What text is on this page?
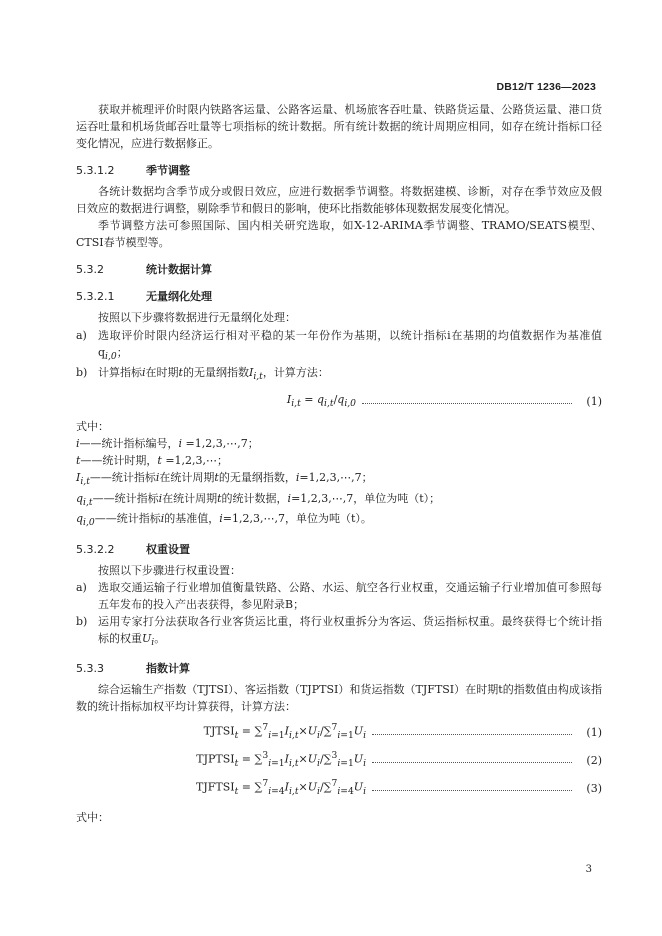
DB12/T 1236—2023

获取并梳理评价时限内铁路客运量、公路客运量、机场旅客吞吐量、铁路货运量、公路货运量、港口货运吞吐量和机场货邮吞吐量等七项指标的统计数据。所有统计数据的统计周期应相同，如存在统计指标口径变化情况，应进行数据修正。

5.3.1.2	季节调整

各统计数据均含季节成分或假日效应，应进行数据季节调整。将数据建模、诊断，对存在季节效应及假日效应的数据进行调整，剔除季节和假日的影响，使环比指数能够体现数据发展变化情况。

季节调整方法可参照国际、国内相关研究选取，如X-12-ARIMA季节调整、TRAMO/SEATS模型、CTSI春节模型等。

5.3.2	统计数据计算
5.3.2.1	无量纲化处理

按照以下步骤将数据进行无量纲化处理：

a)	选取评价时限内经济运行相对平稳的某一年份作为基期，以统计指标i在基期的均值数据作为基准值$q_{i,0}$；
b) 计算指标i在时期t的无量纲指数$I_{i,t}$，计算方法：
$I_{i,t} = q_{i,t}/q_{i,0}$	(1)

式中：

i——统计指标编号，i =1,2,3,⋯,7；

t——统计时期，t =1,2,3,⋯；

$I_{i,t}——$统计指标i在统计周期t的无量纲指数，i=1,2,3,⋯,7；

$q_{i,t}——$统计指标i在统计周期t的统计数据，i=1,2,3,⋯,7，单位为吨（t）；

$q_{i,0}——$统计指标i的基准值，i=1,2,3,⋯,7，单位为吨（t）。

5.3.2.2	权重设置

按照以下步骤进行权重设置：

a)	选取交通运输子行业增加值衡量铁路、公路、水运、航空各行业权重，交通运输子行业增加值可参照每五年发布的投入产出表获得，参见附录B；
b) 运用专家打分法获取各行业客货运比重，将行业权重拆分为客运、货运指标权重。最终获得七个统计指标的权重$U_i$。
5.3.3	指数计算

综合运输生产指数（TJTSI）、客运指数（TJPTSI）和货运指数（TJFTSI）在时期t的指数值由构成该指数的统计指标加权平均计算获得，计算方法：

$TJTSI_t = \sum^7_{i=1}I_{i,t}\times U_i/\sum^7_{i=1}U_i$	(1)
$TJPTSI_t = \sum^3_{i=1}I_{i,t}\times U_i/\sum^3_{i=1}U_i$	(2)
$TJFTSI_t = \sum^7_{i=4}I_{i,t}\times U_i/\sum^7_{i=4}U_i$	(3)

式中：

3
